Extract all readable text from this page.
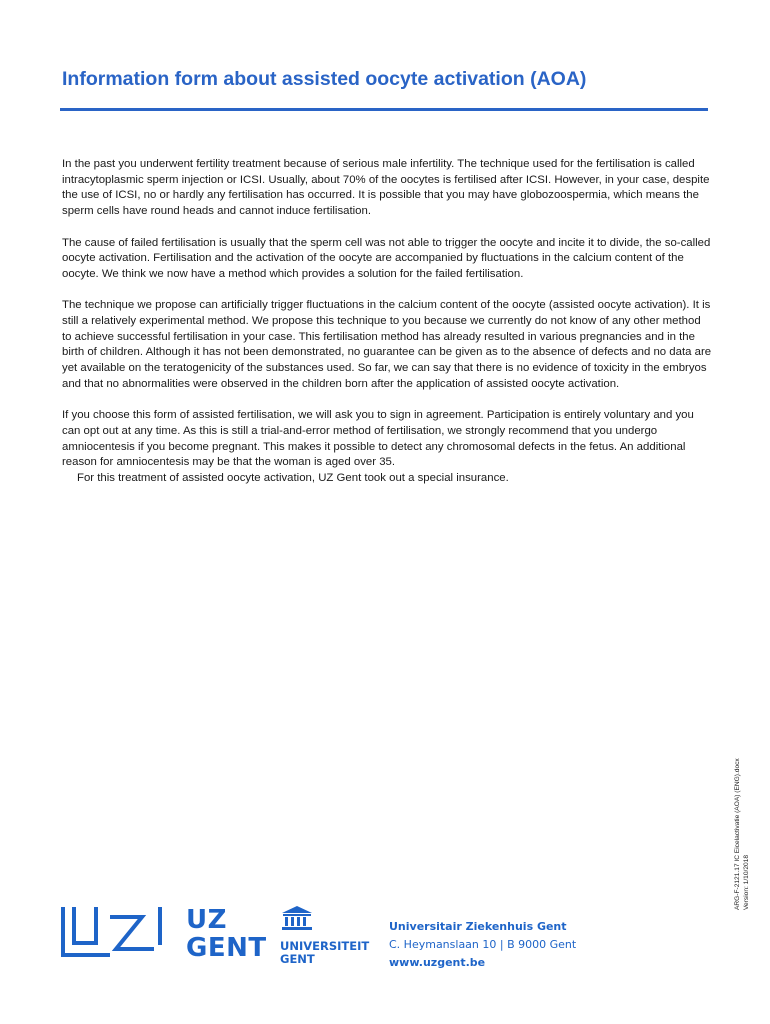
Information form about assisted oocyte activation (AOA)

In the past you underwent fertility treatment because of serious male infertility. The technique used for the fertilisation is called intracytoplasmic sperm injection or ICSI. Usually, about 70% of the oocytes is fertilised after ICSI. However, in your case, despite the use of ICSI, no or hardly any fertilisation has occurred. It is possible that you may have globozoospermia, which means the sperm cells have round heads and cannot induce fertilisation.

The cause of failed fertilisation is usually that the sperm cell was not able to trigger the oocyte and incite it to divide, the so-called oocyte activation. Fertilisation and the activation of the oocyte are accompanied by fluctuations in the calcium content of the oocyte. We think we now have a method which provides a solution for the failed fertilisation.

The technique we propose can artificially trigger fluctuations in the calcium content of the oocyte (assisted oocyte activation). It is still a relatively experimental method. We propose this technique to you because we currently do not know of any other method to achieve successful fertilisation in your case. This fertilisation method has already resulted in various pregnancies and in the birth of children. Although it has not been demonstrated, no guarantee can be given as to the absence of defects and no data are yet available on the teratogenicity of the substances used. So far, we can say that there is no evidence of toxicity in the embryos and that no abnormalities were observed in the children born after the application of assisted oocyte activation.

If you choose this form of assisted fertilisation, we will ask you to sign in agreement. Participation is entirely voluntary and you can opt out at any time. As this is still a trial-and-error method of fertilisation, we strongly recommend that you undergo amniocentesis if you become pregnant. This makes it possible to detect any chromosomal defects in the fetus. An additional reason for amniocentesis may be that the woman is aged over 35.

For this treatment of assisted oocyte activation, UZ Gent took out a special insurance.

ARG-F-2121.17 IC Eicelactivatie (AOA) (ENG).docx Version: 1/10/2018
UZ
GENT UNIVERSITEIT
GENT
Universitair Ziekenhuis Gent
C. Heymanslaan 10 | B 9000 Gent
www.uzgent.be
